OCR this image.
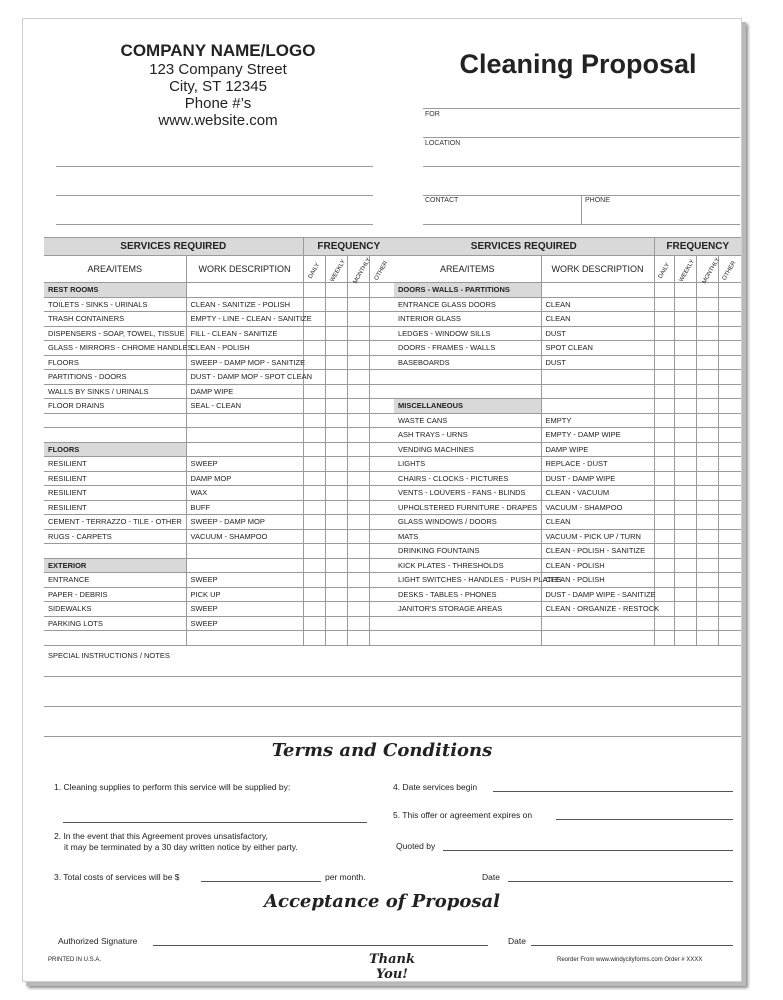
COMPANY NAME/LOGO
123 Company Street
City, ST 12345
Phone #’s
www.website.com
Cleaning Proposal
FOR
LOCATION
CONTACT	PHONE
SERVICES REQUIRED		FREQUENCY			
AREA/ITEMS	WORK DESCRIPTION	DAILY	WEEKLY	MONTHLY	OTHER
REST ROOMS					
TOILETS - SINKS - URINALS	CLEAN - SANITIZE - POLISH				
TRASH CONTAINERS	EMPTY - LINE - CLEAN - SANITIZE				
DISPENSERS - SOAP, TOWEL, TISSUE	FILL - CLEAN - SANITIZE				
GLASS - MIRRORS - CHROME HANDLES	CLEAN - POLISH				
FLOORS	SWEEP - DAMP MOP - SANITIZE				
PARTITIONS - DOORS	DUST - DAMP MOP - SPOT CLEAN				
WALLS BY SINKS / URINALS	DAMP WIPE				
FLOOR DRAINS	SEAL - CLEAN				

FLOORS					
RESILIENT	SWEEP				
RESILIENT	DAMP MOP				
RESILIENT	WAX				
RESILIENT	BUFF				
CEMENT - TERRAZZO - TILE - OTHER	SWEEP - DAMP MOP				
RUGS - CARPETS	VACUUM - SHAMPOO				

EXTERIOR					
ENTRANCE	SWEEP				
PAPER - DEBRIS	PICK UP				
SIDEWALKS	SWEEP				
PARKING LOTS	SWEEP				

SERVICES REQUIRED		FREQUENCY			
AREA/ITEMS	WORK DESCRIPTION	DAILY	WEEKLY	MONTHLY	OTHER
DOORS - WALLS - PARTITIONS					
ENTRANCE GLASS DOORS	CLEAN				
INTERIOR GLASS	CLEAN				
LEDGES - WINDOW SILLS	DUST				
DOORS - FRAMES - WALLS	SPOT CLEAN				
BASEBOARDS	DUST				

MISCELLANEOUS					
WASTE CANS	EMPTY				
ASH TRAYS - URNS	EMPTY - DAMP WIPE				
VENDING MACHINES	DAMP WIPE				
LIGHTS	REPLACE - DUST				
CHAIRS - CLOCKS - PICTURES	DUST - DAMP WIPE				
VENTS - LOUVERS - FANS - BLINDS	CLEAN - VACUUM				
UPHOLSTERED FURNITURE - DRAPES	VACUUM - SHAMPOO				
GLASS WINDOWS / DOORS	CLEAN				
MATS	VACUUM - PICK UP / TURN				
DRINKING FOUNTAINS	CLEAN - POLISH - SANITIZE				
KICK PLATES - THRESHOLDS	CLEAN - POLISH				
LIGHT SWITCHES - HANDLES - PUSH PLATES	CLEAN - POLISH				
DESKS - TABLES - PHONES	DUST - DAMP WIPE - SANITIZE				
JANITOR'S STORAGE AREAS	CLEAN - ORGANIZE - RESTOCK				

SPECIAL INSTRUCTIONS / NOTES
Terms and Conditions
1. Cleaning supplies to perform this service will be supplied by:
2. In the event that this Agreement proves unsatisfactory,
it may be terminated by a 30 day written notice by either party.
3. Total costs of services will be $	per month.
4. Date services begin
5. This offer or agreement expires on
Quoted by
Date
Acceptance of Proposal
Authorized Signature	Date
PRINTED IN U.S.A.	Thank You!
Reorder From www.windycityforms.com Order # XXXX
